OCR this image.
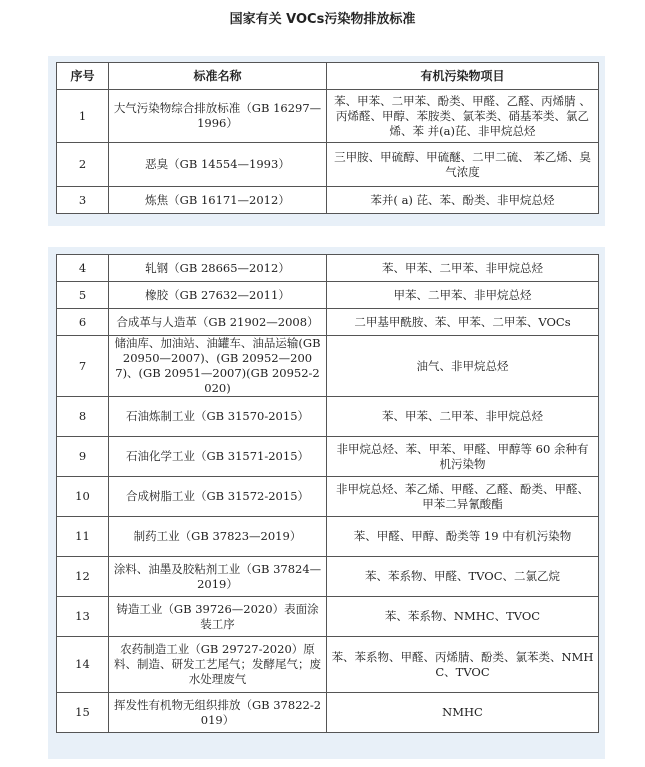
国家有关 VOCs污染物排放标准
序号	标准名称	有机污染物项目
1	大气污染物综合排放标准（GB 16297—1996）	苯、甲苯、二甲苯、酚类、甲醛、乙醛、丙烯腈 、丙烯醛、甲醇、苯胺类、氯苯类、硝基苯类、氯乙烯、苯 并(a)芘、非甲烷总烃
2	恶臭（GB 14554—1993）	三甲胺、甲硫醇、甲硫醚、二甲二硫、 苯乙烯、臭气浓度
3	炼焦（GB 16171—2012）	苯并( a) 芘、苯、酚类、非甲烷总烃
4	轧钢（GB 28665—2012）	苯、甲苯、二甲苯、非甲烷总烃
5	橡胶（GB 27632—2011）	甲苯、二甲苯、非甲烷总烃
6	合成革与人造革（GB 21902—2008）	二甲基甲酰胺、苯、甲苯、二甲苯、VOCs
7	储油库、加油站、油罐车、油品运输(GB 20950—2007)、(GB 20952—2007)、(GB 20951—2007)(GB 20952-2020)	油气、非甲烷总烃
8	石油炼制工业（GB 31570-2015）	苯、甲苯、二甲苯、非甲烷总烃
9	石油化学工业（GB 31571-2015）	非甲烷总烃、苯、甲苯、甲醛、甲醇等 60 余种有机污染物
10	合成树脂工业（GB 31572-2015）	非甲烷总烃、苯乙烯、甲醛、乙醛、酚类、甲醛、甲苯二异氰酸酯
11	制药工业（GB 37823—2019）	苯、甲醛、甲醇、酚类等 19 中有机污染物
12	涂料、油墨及胶粘剂工业（GB 37824—2019）	苯、苯系物、甲醛、TVOC、二氯乙烷
13	铸造工业（GB 39726—2020）表面涂装工序	苯、苯系物、NMHC、TVOC
14	农药制造工业（GB 29727-2020）原料、制造、研发工艺尾气；发酵尾气；废水处理废气	苯、苯系物、甲醛、丙烯腈、酚类、氯苯类、NMHC、TVOC
15	挥发性有机物无组织排放（GB 37822-2019）	NMHC
